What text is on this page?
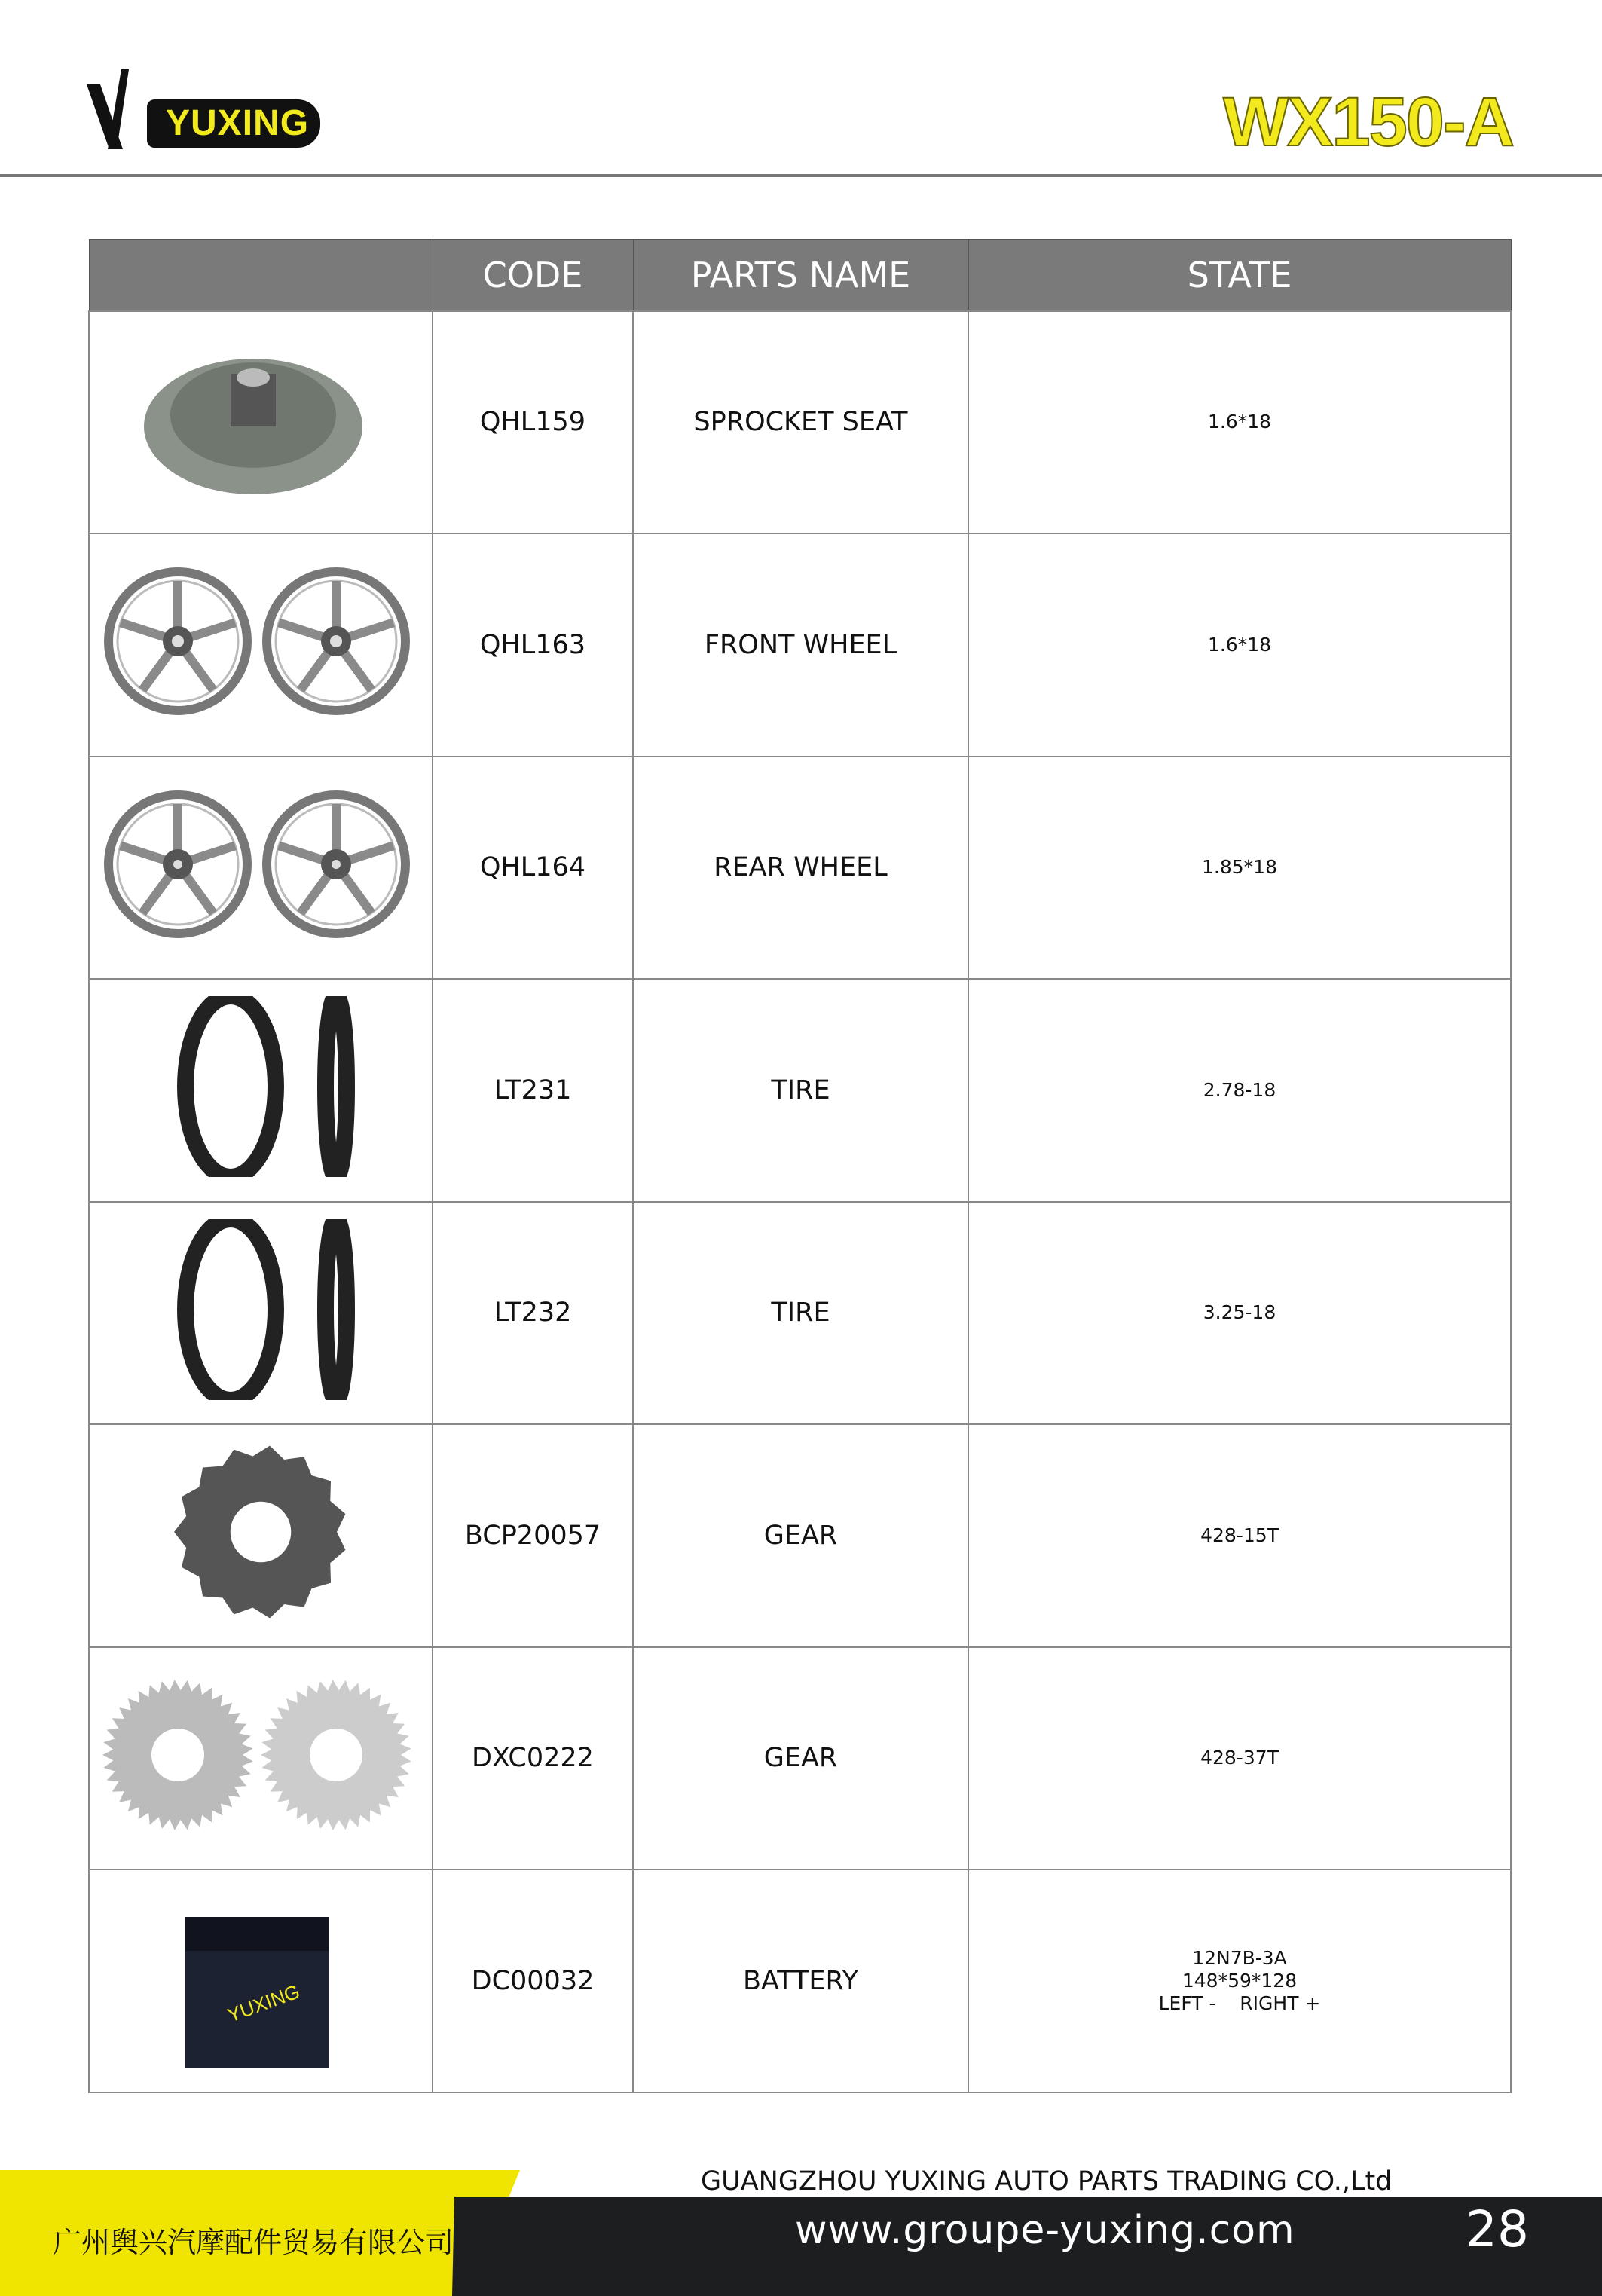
YUXING	WX150-A
	CODE	PARTS NAME	STATE
	QHL159	SPROCKET SEAT	1.6*18

	QHL163	FRONT WHEEL	1.6*18

	QHL164	REAR WHEEL	1.85*18

	LT231	TIRE	2.78-18

	LT232	TIRE	3.25-18

	BCP20057	GEAR	428-15T

	DXC0222	GEAR	428-37T

YUXING	DC00032	BATTERY	12N7B-3A
148*59*128
LEFT -    RIGHT +
广州舆兴汽摩配件贸易有限公司
GUANGZHOU YUXING AUTO PARTS TRADING CO.,Ltd
www.groupe-yuxing.com	28
